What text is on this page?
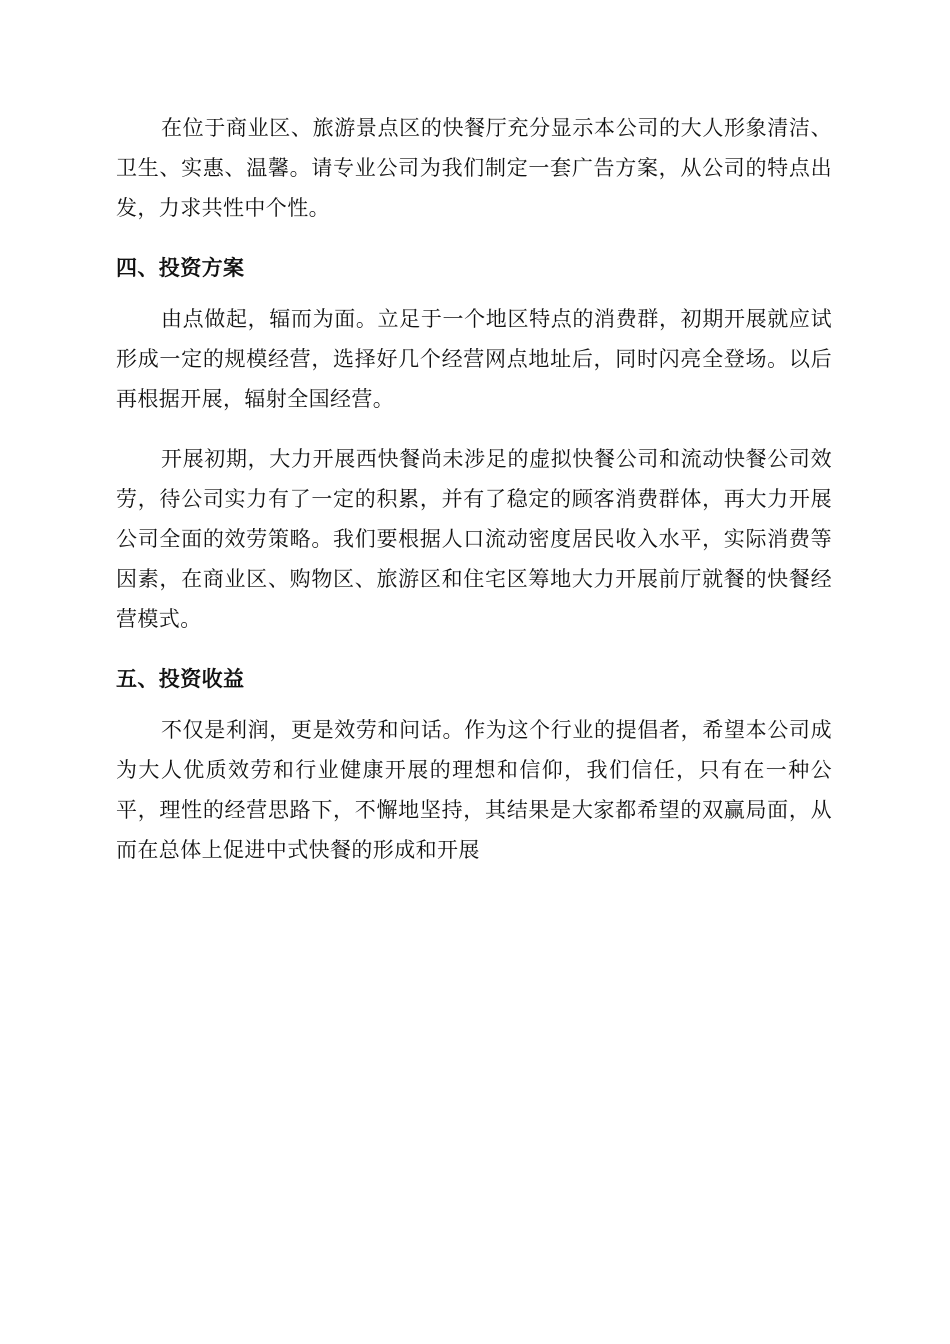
在位于商业区、旅游景点区的快餐厅充分显示本公司的大人形象清洁、卫生、实惠、温馨。请专业公司为我们制定一套广告方案，从公司的特点出发，力求共性中个性。

四、投资方案

由点做起，辐而为面。立足于一个地区特点的消费群，初期开展就应试形成一定的规模经营，选择好几个经营网点地址后，同时闪亮全登场。以后再根据开展，辐射全国经营。

开展初期，大力开展西快餐尚未涉足的虚拟快餐公司和流动快餐公司效劳，待公司实力有了一定的积累，并有了稳定的顾客消费群体，再大力开展公司全面的效劳策略。我们要根据人口流动密度居民收入水平，实际消费等因素，在商业区、购物区、旅游区和住宅区筹地大力开展前厅就餐的快餐经营模式。

五、投资收益

不仅是利润，更是效劳和问话。作为这个行业的提倡者，希望本公司成为大人优质效劳和行业健康开展的理想和信仰，我们信任，只有在一种公平，理性的经营思路下，不懈地坚持，其结果是大家都希望的双赢局面，从而在总体上促进中式快餐的形成和开展
